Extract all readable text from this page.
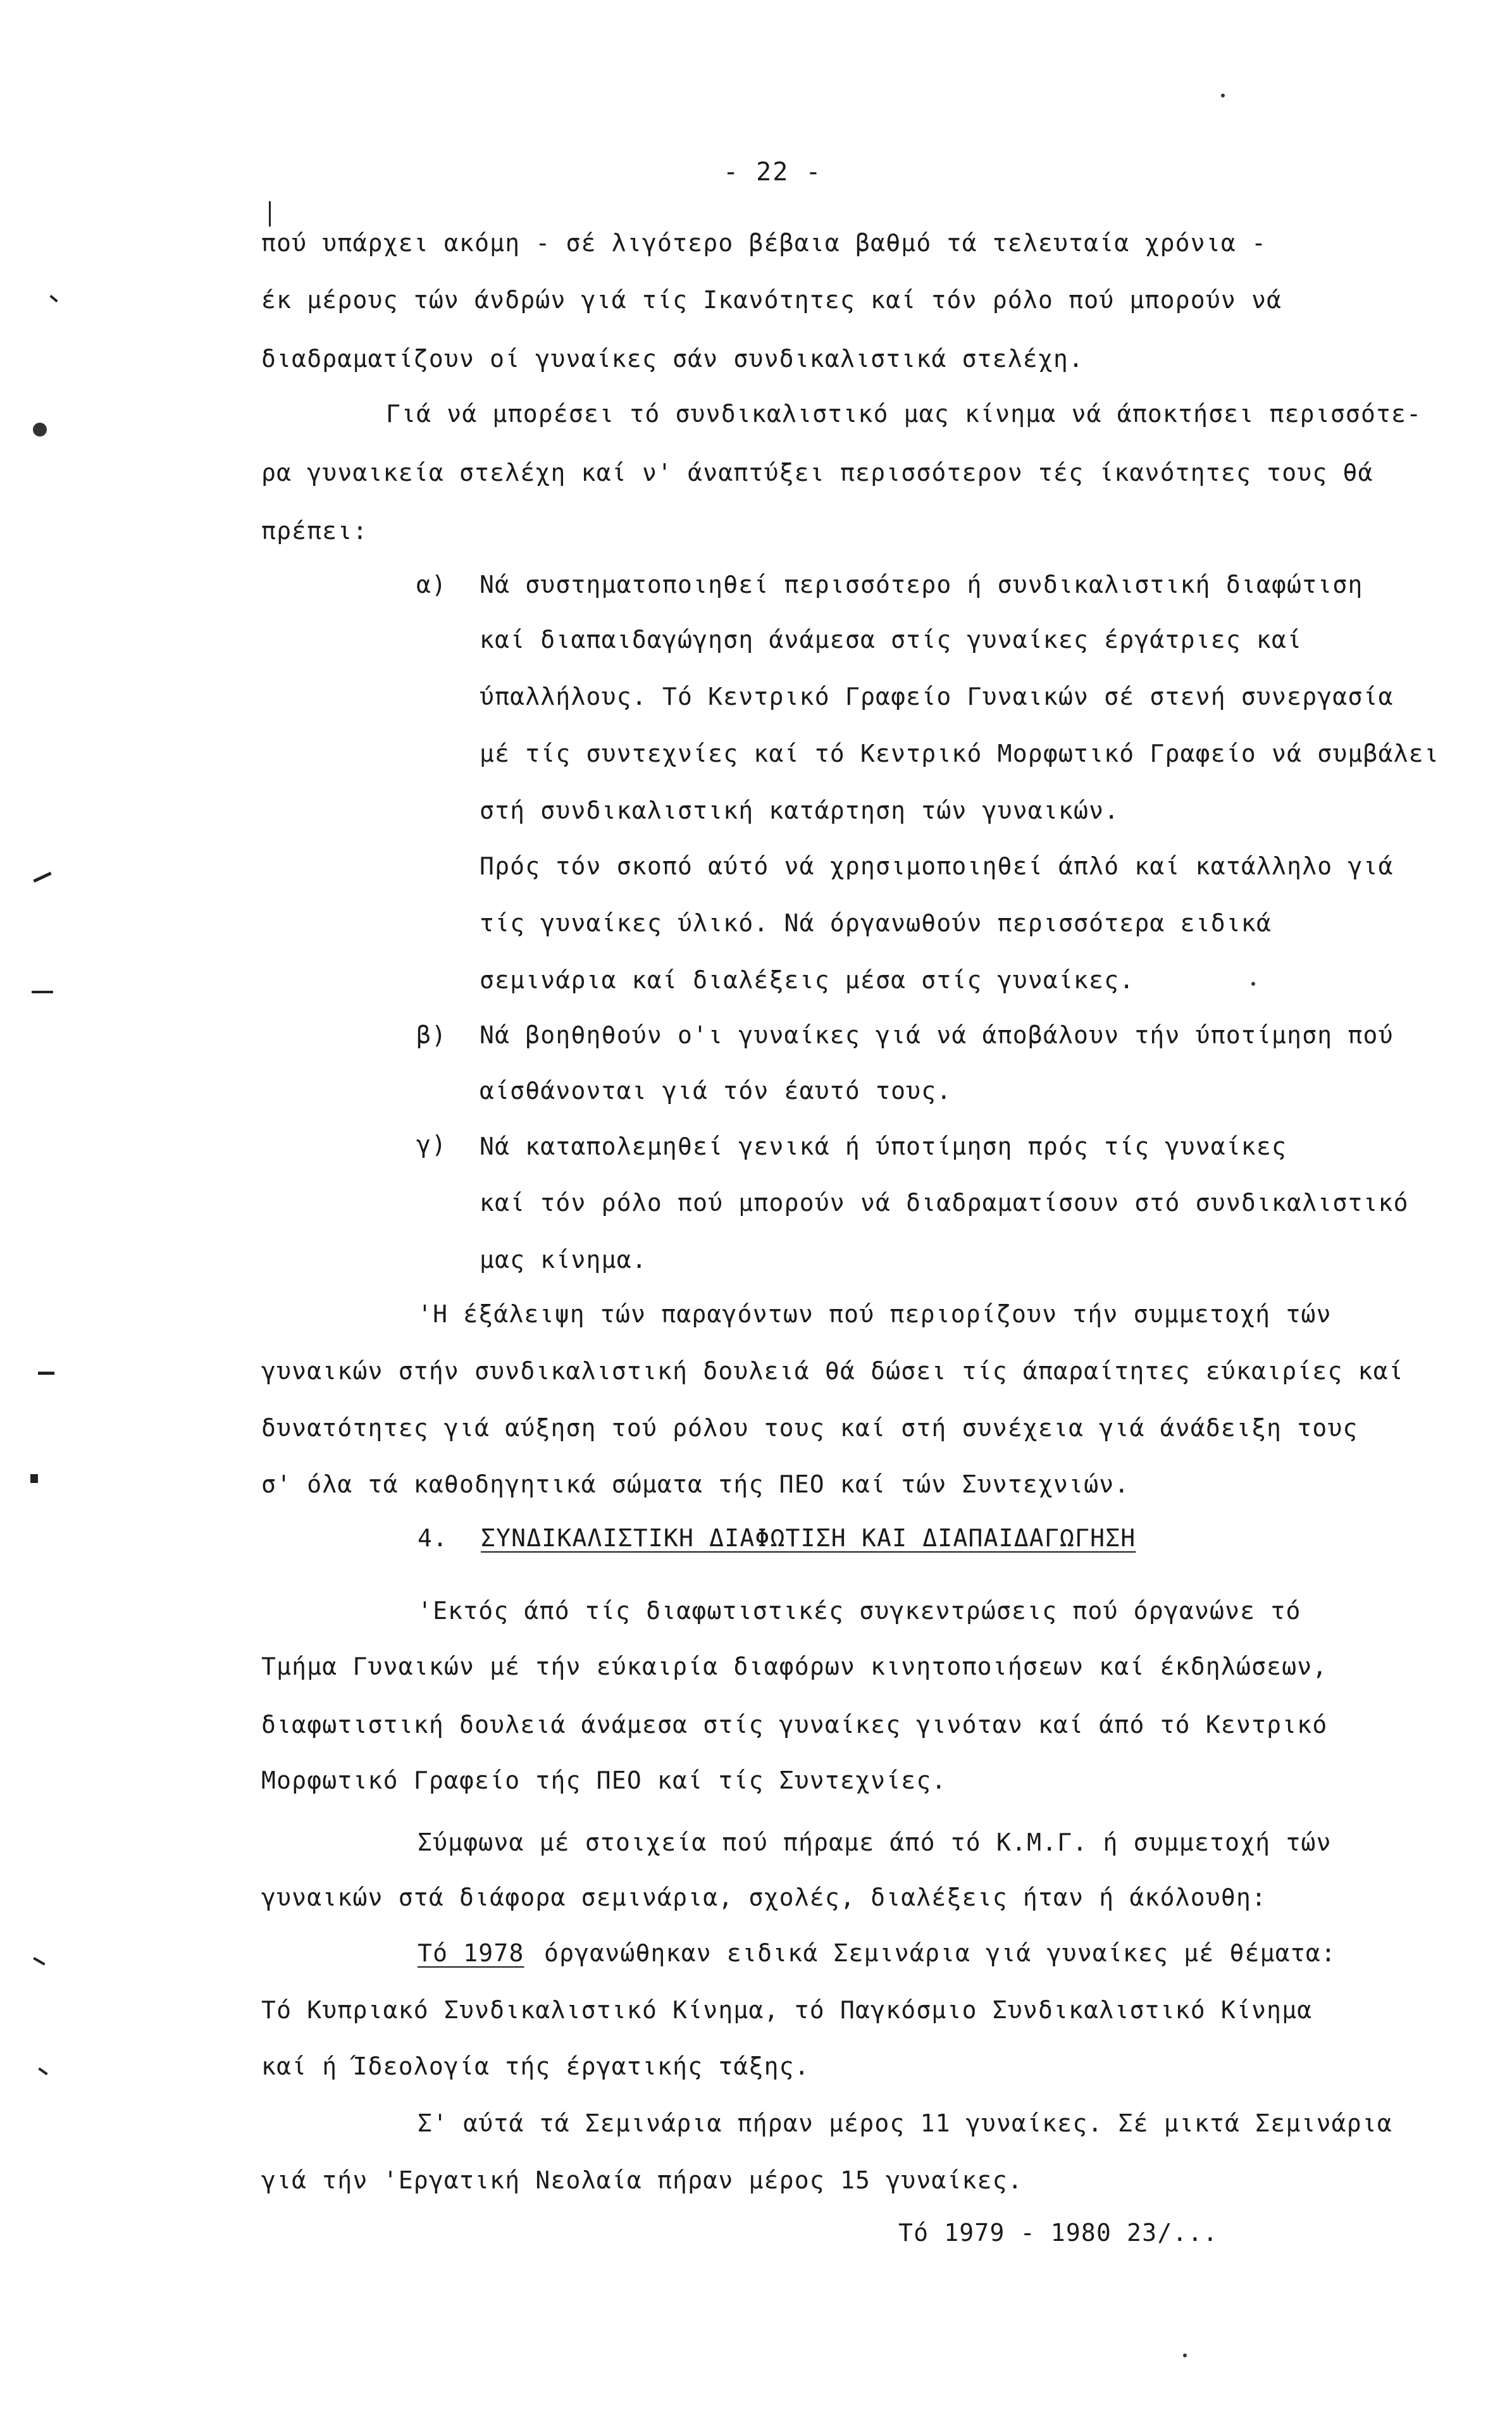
- 22 -
πού υπάρχει ακόμη - σέ λιγότερο βέβαια βαθμό τά τελευταία χρόνια -
έκ μέρους τών άνδρών γιά τίς Ικανότητες καί τόν ρόλο πού μπορούν νά
διαδραματίζουν οί γυναίκες σάν συνδικαλιστικά στελέχη.
Γιά νά μπορέσει τό συνδικαλιστικό μας κίνημα νά άποκτήσει περισσότε-
ρα γυναικεία στελέχη καί ν' άναπτύξει περισσότερον τές ίκανότητες τους θά
πρέπει:
α) Νά συστηματοποιηθεί περισσότερο ή συνδικαλιστική διαφώτιση
καί διαπαιδαγώγηση άνάμεσα στίς γυναίκες έργάτριες καί
ύπαλλήλους. Τό Κεντρικό Γραφείο Γυναικών σέ στενή συνεργασία
μέ τίς συντεχνίες καί τό Κεντρικό Μορφωτικό Γραφείο νά συμβάλει
στή συνδικαλιστική κατάρτηση τών γυναικών.
Πρός τόν σκοπό αύτό νά χρησιμοποιηθεί άπλό καί κατάλληλο γιά
τίς γυναίκες ύλικό. Νά όργανωθούν περισσότερα ειδικά
σεμινάρια καί διαλέξεις μέσα στίς γυναίκες.
β) Νά βοηθηθούν ο'ι γυναίκες γιά νά άποβάλουν τήν ύποτίμηση πού
αίσθάνονται γιά τόν έαυτό τους.
γ) Νά καταπολεμηθεί γενικά ή ύποτίμηση πρός τίς γυναίκες
καί τόν ρόλο πού μπορούν νά διαδραματίσουν στό συνδικαλιστικό
μας κίνημα.
'Η έξάλειψη τών παραγόντων πού περιορίζουν τήν συμμετοχή τών
γυναικών στήν συνδικαλιστική δουλειά θά δώσει τίς άπαραίτητες εύκαιρίες καί
δυνατότητες γιά αύξηση τού ρόλου τους καί στή συνέχεια γιά άνάδειξη τους
σ' όλα τά καθοδηγητικά σώματα τής ΠΕΟ καί τών Συντεχνιών.
4. ΣΥΝΔΙΚΑΛΙΣΤΙΚΗ ΔΙΑΦΩΤΙΣΗ ΚΑΙ ΔΙΑΠΑΙΔΑΓΩΓΗΣΗ
'Εκτός άπό τίς διαφωτιστικές συγκεντρώσεις πού όργανώνε τό
Τμήμα Γυναικών μέ τήν εύκαιρία διαφόρων κινητοποιήσεων καί έκδηλώσεων,
διαφωτιστική δουλειά άνάμεσα στίς γυναίκες γινόταν καί άπό τό Κεντρικό
Μορφωτικό Γραφείο τής ΠΕΟ καί τίς Συντεχνίες.
Σύμφωνα μέ στοιχεία πού πήραμε άπό τό Κ.Μ.Γ. ή συμμετοχή τών
γυναικών στά διάφορα σεμινάρια, σχολές, διαλέξεις ήταν ή άκόλουθη:
Τό 1978 όργανώθηκαν ειδικά Σεμινάρια γιά γυναίκες μέ θέματα:
Τό Κυπριακό Συνδικαλιστικό Κίνημα, τό Παγκόσμιο Συνδικαλιστικό Κίνημα
καί ή Ίδεολογία τής έργατικής τάξης.
Σ' αύτά τά Σεμινάρια πήραν μέρος 11 γυναίκες. Σέ μικτά Σεμινάρια
γιά τήν 'Εργατική Νεολαία πήραν μέρος 15 γυναίκες.
Τό 1979 - 1980 23/...
